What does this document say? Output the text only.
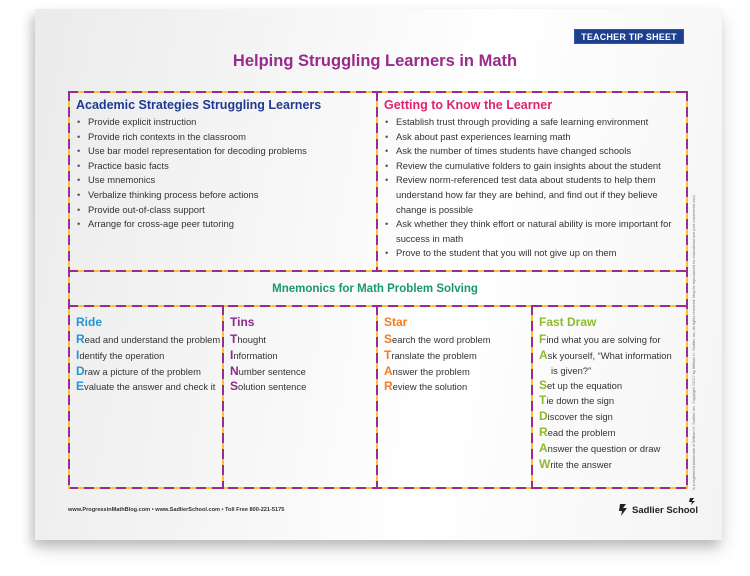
TEACHER TIP SHEET
Helping Struggling Learners in Math
Academic Strategies Struggling Learners
• Provide explicit instruction
• Provide rich contexts in the classroom
• Use bar model representation for decoding problems
• Practice basic facts
• Use mnemonics
• Verbalize thinking process before actions
• Provide out-of-class support
• Arrange for cross-age peer tutoring
Getting to Know the Learner
• Establish trust through providing a safe learning environment
• Ask about past experiences learning math
• Ask the number of times students have changed schools
• Review the cumulative folders to gain insights about the student
• Review norm-referenced test data about students to help them understand how far they are behind, and find out if they believe change is possible
• Ask whether they think effort or natural ability is more important for success in math
• Prove to the student that you will not give up on them
Mnemonics for Math Problem Solving
Ride
Read and understand the problem
Identify the operation
Draw a picture of the problem
Evaluate the answer and check it
Tins
Thought
Information
Number sentence
Solution sentence
Star
Search the word problem
Translate the problem
Answer the problem
Review the solution
Fast Draw
Find what you are solving for
Ask yourself, “What information
is given?”
Set up the equation
Tie down the sign
Discover the sign
Read the problem
Answer the question or draw
Write the answer	is a registered trademark of William H. Sadlier, Inc. Copyright ©2017 by William H. Sadlier, Inc. All rights reserved. May be reproduced for educational use (not commercial use).
www.ProgressinMathBlog.com • www.SadlierSchool.com • Toll Free 800-221-5175	Sadlier School
